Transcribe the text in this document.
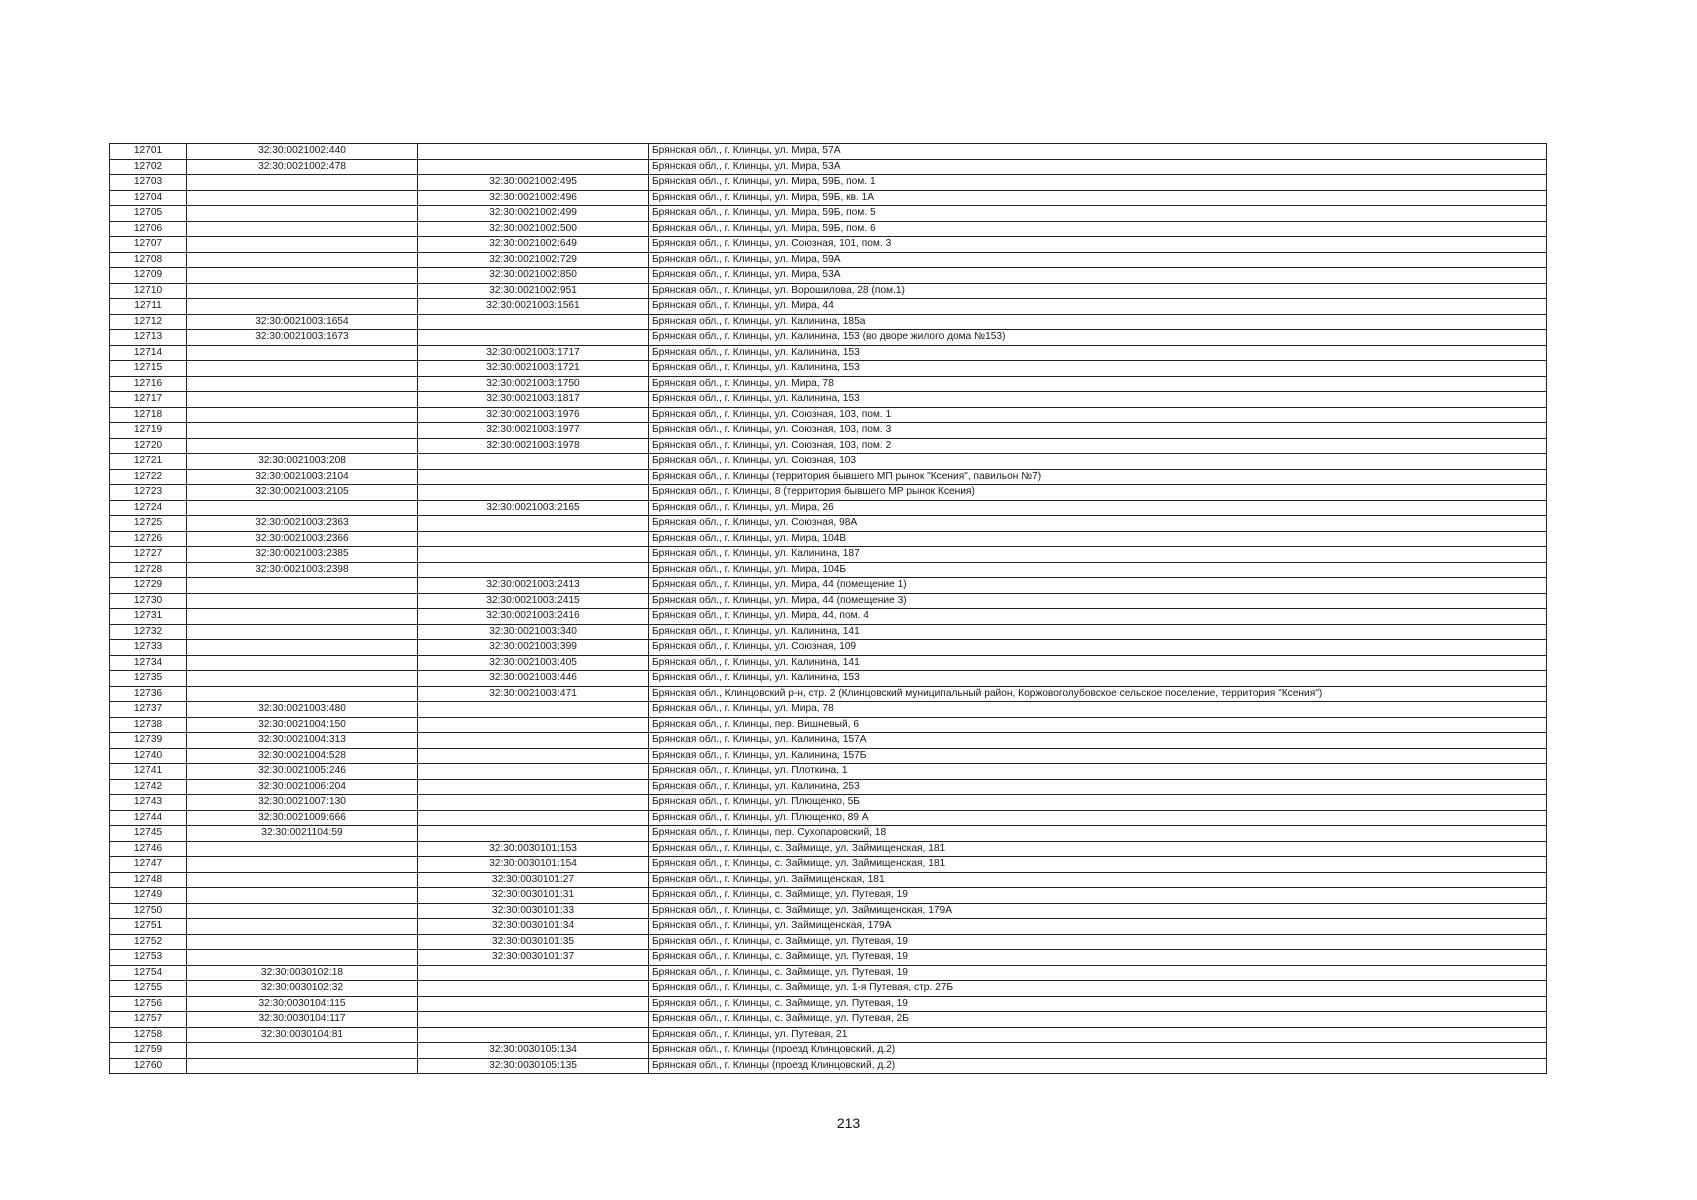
12701	32:30:0021002:440		Брянская обл., г. Клинцы, ул. Мира, 57А
12702	32:30:0021002:478		Брянская обл., г. Клинцы, ул. Мира, 53А
12703		32:30:0021002:495	Брянская обл., г. Клинцы, ул. Мира, 59Б, пом. 1
12704		32:30:0021002:496	Брянская обл., г. Клинцы, ул. Мира, 59Б, кв. 1А
12705		32:30:0021002:499	Брянская обл., г. Клинцы, ул. Мира, 59Б, пом. 5
12706		32:30:0021002:500	Брянская обл., г. Клинцы, ул. Мира, 59Б, пом. 6
12707		32:30:0021002:649	Брянская обл., г. Клинцы, ул. Союзная, 101, пом. 3
12708		32:30:0021002:729	Брянская обл., г. Клинцы, ул. Мира, 59А
12709		32:30:0021002:850	Брянская обл., г. Клинцы, ул. Мира, 53А
12710		32:30:0021002:951	Брянская обл., г. Клинцы, ул. Ворошилова, 28 (пом.1)
12711		32:30:0021003:1561	Брянская обл., г. Клинцы, ул. Мира, 44
12712	32:30:0021003:1654		Брянская обл., г. Клинцы, ул. Калинина, 185а
12713	32:30:0021003:1673		Брянская обл., г. Клинцы, ул. Калинина, 153 (во дворе жилого дома №153)
12714		32:30:0021003:1717	Брянская обл., г. Клинцы, ул. Калинина, 153
12715		32:30:0021003:1721	Брянская обл., г. Клинцы, ул. Калинина, 153
12716		32:30:0021003:1750	Брянская обл., г. Клинцы, ул. Мира, 78
12717		32:30:0021003:1817	Брянская обл., г. Клинцы, ул. Калинина, 153
12718		32:30:0021003:1976	Брянская обл., г. Клинцы, ул. Союзная, 103, пом. 1
12719		32:30:0021003:1977	Брянская обл., г. Клинцы, ул. Союзная, 103, пом. 3
12720		32:30:0021003:1978	Брянская обл., г. Клинцы, ул. Союзная, 103, пом. 2
12721	32:30:0021003:208		Брянская обл., г. Клинцы, ул. Союзная, 103
12722	32:30:0021003:2104		Брянская обл., г. Клинцы (территория бывшего МП рынок "Ксения", павильон №7)
12723	32:30:0021003:2105		Брянская обл., г. Клинцы, 8 (территория бывшего МР рынок Ксения)
12724		32:30:0021003:2165	Брянская обл., г. Клинцы, ул. Мира, 26
12725	32:30:0021003:2363		Брянская обл., г. Клинцы, ул. Союзная, 98А
12726	32:30:0021003:2366		Брянская обл., г. Клинцы, ул. Мира, 104В
12727	32:30:0021003:2385		Брянская обл., г. Клинцы, ул. Калинина, 187
12728	32:30:0021003:2398		Брянская обл., г. Клинцы, ул. Мира, 104Б
12729		32:30:0021003:2413	Брянская обл., г. Клинцы, ул. Мира, 44 (помещение 1)
12730		32:30:0021003:2415	Брянская обл., г. Клинцы, ул. Мира, 44 (помещение 3)
12731		32:30:0021003:2416	Брянская обл., г. Клинцы, ул. Мира, 44, пом. 4
12732		32:30:0021003:340	Брянская обл., г. Клинцы, ул. Калинина, 141
12733		32:30:0021003:399	Брянская обл., г. Клинцы, ул. Союзная, 109
12734		32:30:0021003:405	Брянская обл., г. Клинцы, ул. Калинина, 141
12735		32:30:0021003:446	Брянская обл., г. Клинцы, ул. Калинина, 153
12736		32:30:0021003:471	Брянская обл., Клинцовский р-н, стр. 2 (Клинцовский муниципальный район, Коржовоголубовское сельское поселение, территория "Ксения")
12737	32:30:0021003:480		Брянская обл., г. Клинцы, ул. Мира, 78
12738	32:30:0021004:150		Брянская обл., г. Клинцы, пер. Вишневый, 6
12739	32:30:0021004:313		Брянская обл., г. Клинцы, ул. Калинина, 157А
12740	32:30:0021004:528		Брянская обл., г. Клинцы, ул. Калинина, 157Б
12741	32:30:0021005:246		Брянская обл., г. Клинцы, ул. Плоткина, 1
12742	32:30:0021006:204		Брянская обл., г. Клинцы, ул. Калинина, 253
12743	32:30:0021007:130		Брянская обл., г. Клинцы, ул. Плющенко, 5Б
12744	32:30:0021009:666		Брянская обл., г. Клинцы, ул. Плющенко, 89 А
12745	32:30:0021104:59		Брянская обл., г. Клинцы, пер. Сухопаровский, 18
12746		32:30:0030101:153	Брянская обл., г. Клинцы, с. Займище, ул. Займищенская, 181
12747		32:30:0030101:154	Брянская обл., г. Клинцы, с. Займище, ул. Займищенская, 181
12748		32:30:0030101:27	Брянская обл., г. Клинцы, ул. Займищенская, 181
12749		32:30:0030101:31	Брянская обл., г. Клинцы, с. Займище, ул. Путевая, 19
12750		32:30:0030101:33	Брянская обл., г. Клинцы, с. Займище, ул. Займищенская, 179А
12751		32:30:0030101:34	Брянская обл., г. Клинцы, ул. Займищенская, 179А
12752		32:30:0030101:35	Брянская обл., г. Клинцы, с. Займище, ул. Путевая, 19
12753		32:30:0030101:37	Брянская обл., г. Клинцы, с. Займище, ул. Путевая, 19
12754	32:30:0030102:18		Брянская обл., г. Клинцы, с. Займище, ул. Путевая, 19
12755	32:30:0030102:32		Брянская обл., г. Клинцы, с. Займище, ул. 1-я Путевая, стр. 27Б
12756	32:30:0030104:115		Брянская обл., г. Клинцы, с. Займище, ул. Путевая, 19
12757	32:30:0030104:117		Брянская обл., г. Клинцы, с. Займище, ул. Путевая, 2Б
12758	32:30:0030104:81		Брянская обл., г. Клинцы, ул. Путевая, 21
12759		32:30:0030105:134	Брянская обл., г. Клинцы (проезд Клинцовский, д.2)
12760		32:30:0030105:135	Брянская обл., г. Клинцы (проезд Клинцовский, д.2)
213
